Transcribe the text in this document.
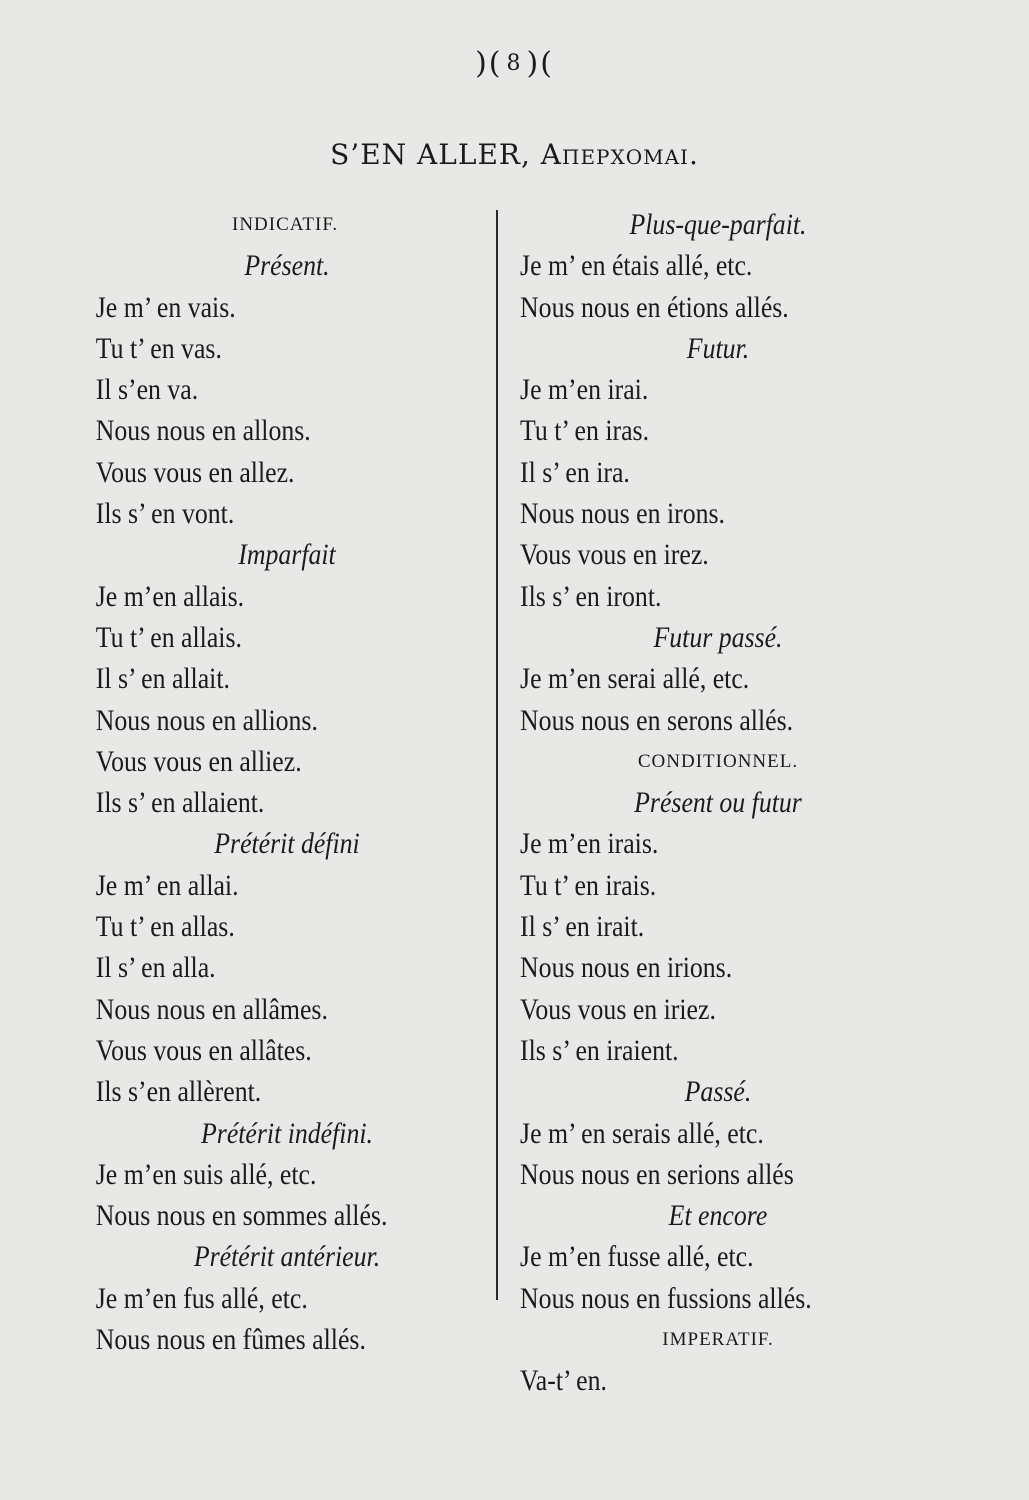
)( 8 )(
S’EN ALLER, Απερχομαι.
INDICATIF.
Présent.
Je m’ en vais.
Tu t’ en vas.
Il s’en va.
Nous nous en allons.
Vous vous en allez.
Ils s’ en vont.
Imparfait
Je m’en allais.
Tu t’ en allais.
Il s’ en allait.
Nous nous en allions.
Vous vous en alliez.
Ils s’ en allaient.
Prétérit défini
Je m’ en allai.
Tu t’ en allas.
Il s’ en alla.
Nous nous en allâmes.
Vous vous en allâtes.
Ils s’en allèrent.
Prétérit indéfini.
Je m’en suis allé, etc.
Nous nous en sommes allés.
Prétérit antérieur.
Je m’en fus allé, etc.
Nous nous en fûmes allés.
Plus-que-parfait.
Je m’ en étais allé, etc.
Nous nous en étions allés.
Futur.
Je m’en irai.
Tu t’ en iras.
Il s’ en ira.
Nous nous en irons.
Vous vous en irez.
Ils s’ en iront.
Futur passé.
Je m’en serai allé, etc.
Nous nous en serons allés.
CONDITIONNEL.
Présent ou futur
Je m’en irais.
Tu t’ en irais.
Il s’ en irait.
Nous nous en irions.
Vous vous en iriez.
Ils s’ en iraient.
Passé.
Je m’ en serais allé, etc.
Nous nous en serions allés
Et encore
Je m’en fusse allé, etc.
Nous nous en fussions allés.
IMPERATIF.
Va-t’ en.
